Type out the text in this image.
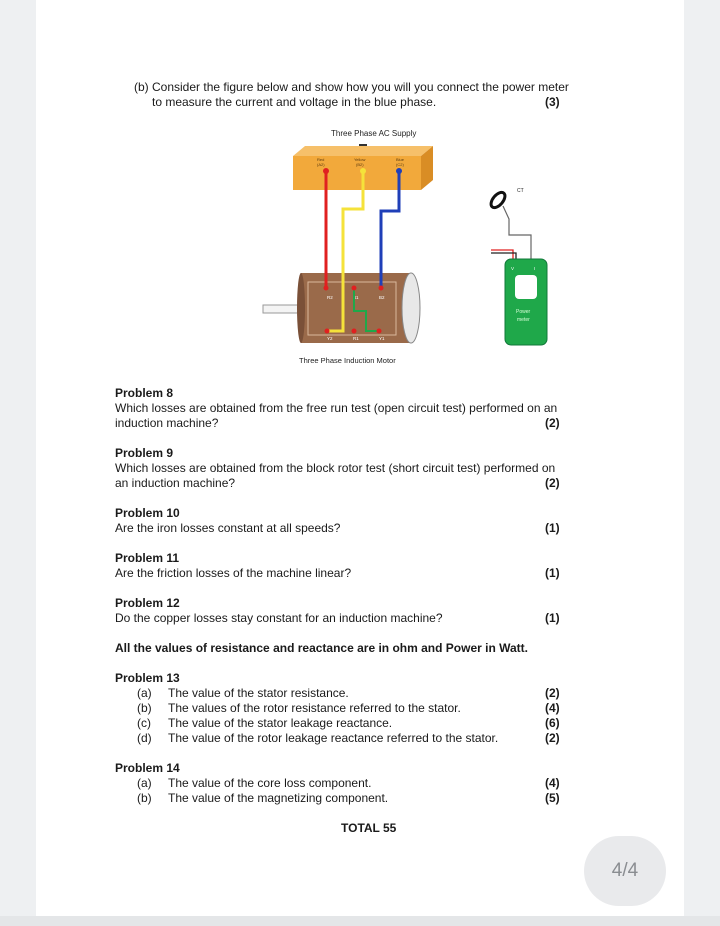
(b) Consider the figure below and show how you will you connect the power meter
to measure the current and voltage in the blue phase.	(3)
Three Phase AC Supply
Red
(A2)
Yellow
(B2)
Blue
(C2)
R2	B1	B2
Y2	R1	Y1
Three Phase Induction Motor
CT
V	I
Power
meter
Problem 8
Which losses are obtained from the free run test (open circuit test) performed on an
induction machine?	(2)
Problem 9
Which losses are obtained from the block rotor test (short circuit test) performed on
an induction machine?	(2)
Problem 10
Are the iron losses constant at all speeds?	(1)
Problem 11
Are the friction losses of the machine linear?	(1)
Problem 12
Do the copper losses stay constant for an induction machine?	(1)
All the values of resistance and reactance are in ohm and Power in Watt.
Problem 13
(a) The value of the stator resistance.	(2)
(b) The values of the rotor resistance referred to the stator.	(4)
(c) The value of the stator leakage reactance.	(6)
(d) The value of the rotor leakage reactance referred to the stator.	(2)
Problem 14
(a) The value of the core loss component.	(4)
(b) The value of the magnetizing component.	(5)
TOTAL 55
4/4
